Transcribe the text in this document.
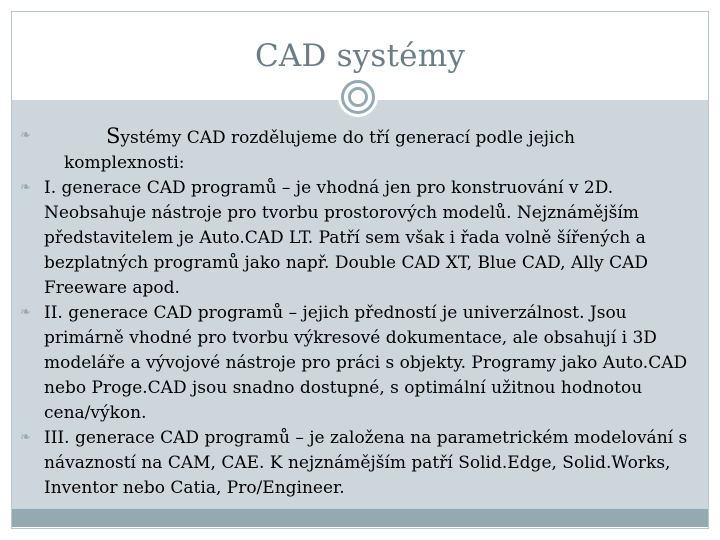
CAD systémy
❧	Systémy CAD rozdělujeme do tří generací podle jejich
komplexnosti:
❧ I. generace CAD programů – je vhodná jen pro konstruování v 2D. Neobsahuje nástroje pro tvorbu prostorových modelů. Nejznámějším představitelem je Auto.CAD LT. Patří sem však i řada volně šířených a bezplatných programů jako např. Double CAD XT, Blue CAD, Ally CAD Freeware apod.
❧ II. generace CAD programů – jejich předností je univerzálnost. Jsou primárně vhodné pro tvorbu výkresové dokumentace, ale obsahují i 3D modeláře a vývojové nástroje pro práci s objekty. Programy jako Auto.CAD nebo Proge.CAD jsou snadno dostupné, s optimální užitnou hodnotou cena/výkon.
❧ III. generace CAD programů – je založena na parametrickém modelování s návazností na CAM, CAE. K nejznámějším patří Solid.Edge, Solid.Works, Inventor nebo Catia, Pro/Engineer.
